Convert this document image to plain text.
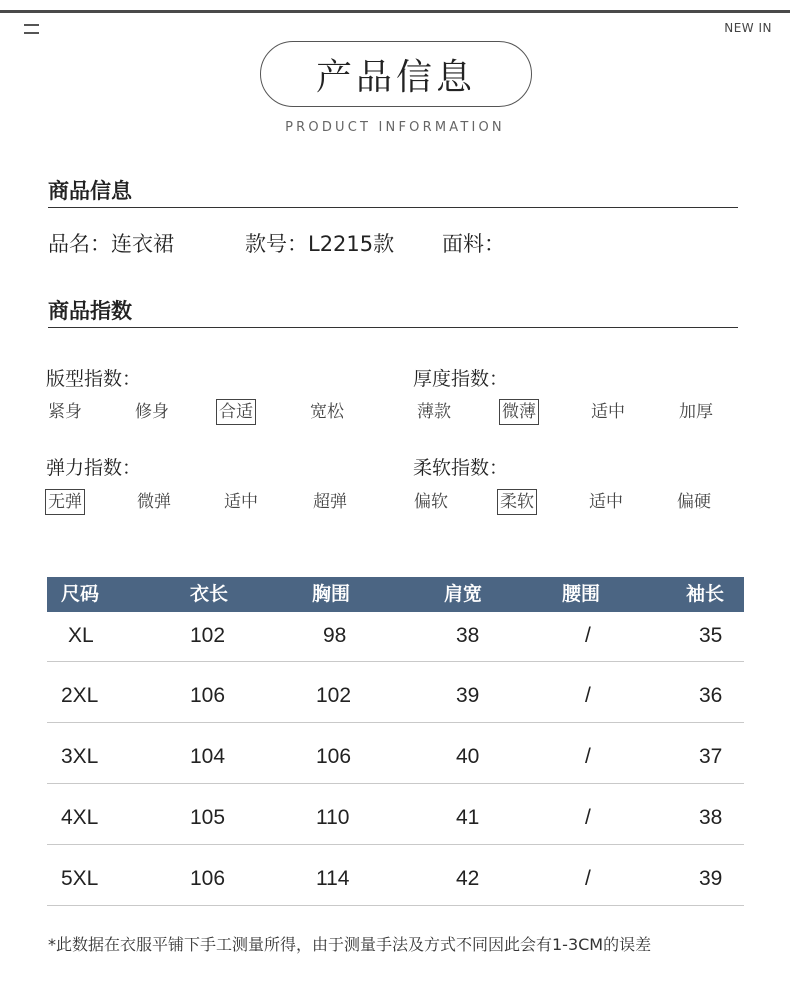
NEW IN
产品信息
PRODUCT INFORMATION
商品信息
品名：连衣裙	款号：L2215款 面料：
商品指数
版型指数：
紧身	修身	合适	宽松
厚度指数：
薄款	微薄	适中	加厚
弹力指数：
无弹	微弹	适中	超弹
柔软指数：
偏软	柔软	适中	偏硬
尺码	衣长	胸围	肩宽	腰围	袖长
XL	102	98	38	/	35
2XL	106	102	39	/	36
3XL	104	106	40	/	37
4XL	105	110	41	/	38
5XL	106	114	42	/	39
*此数据在衣服平铺下手工测量所得，由于测量手法及方式不同因此会有1-3CM的误差
